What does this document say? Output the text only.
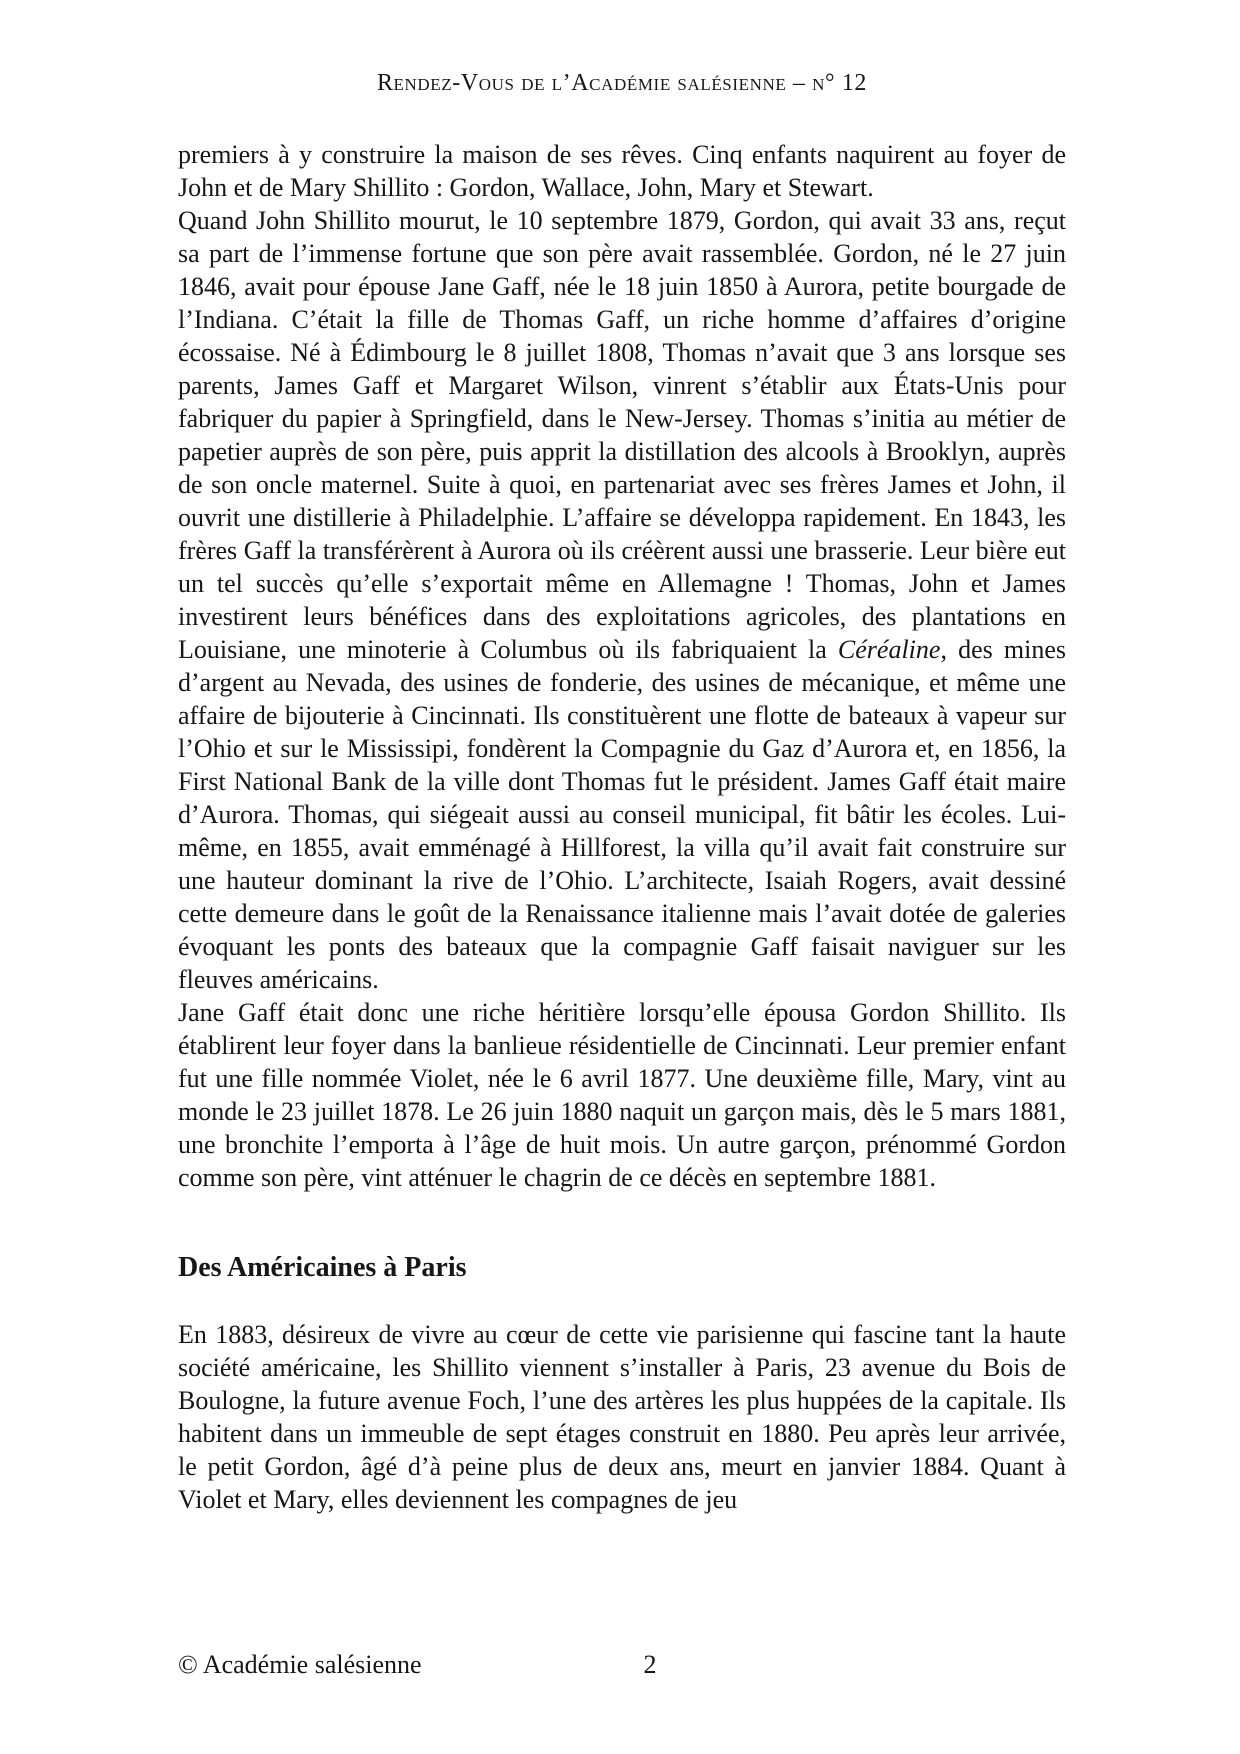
Rendez-Vous de l’Académie salésienne – n° 12

premiers à y construire la maison de ses rêves. Cinq enfants naquirent au foyer de John et de Mary Shillito : Gordon, Wallace, John, Mary et Stewart.

Quand John Shillito mourut, le 10 septembre 1879, Gordon, qui avait 33 ans, reçut sa part de l’immense fortune que son père avait rassemblée. Gordon, né le 27 juin 1846, avait pour épouse Jane Gaff, née le 18 juin 1850 à Aurora, petite bourgade de l’Indiana. C’était la fille de Thomas Gaff, un riche homme d’affaires d’origine écossaise. Né à Édimbourg le 8 juillet 1808, Thomas n’avait que 3 ans lorsque ses parents, James Gaff et Margaret Wilson, vinrent s’établir aux États-Unis pour fabriquer du papier à Springfield, dans le New-Jersey. Thomas s’initia au métier de papetier auprès de son père, puis apprit la distillation des alcools à Brooklyn, auprès de son oncle maternel. Suite à quoi, en partenariat avec ses frères James et John, il ouvrit une distillerie à Philadelphie. L’affaire se développa rapidement. En 1843, les frères Gaff la transférèrent à Aurora où ils créèrent aussi une brasserie. Leur bière eut un tel succès qu’elle s’exportait même en Allemagne ! Thomas, John et James investirent leurs bénéfices dans des exploitations agricoles, des plantations en Louisiane, une minoterie à Columbus où ils fabriquaient la Céréaline, des mines d’argent au Nevada, des usines de fonderie, des usines de mécanique, et même une affaire de bijouterie à Cincinnati. Ils constituèrent une flotte de bateaux à vapeur sur l’Ohio et sur le Mississipi, fondèrent la Compagnie du Gaz d’Aurora et, en 1856, la First National Bank de la ville dont Thomas fut le président. James Gaff était maire d’Aurora. Thomas, qui siégeait aussi au conseil municipal, fit bâtir les écoles. Lui-même, en 1855, avait emménagé à Hillforest, la villa qu’il avait fait construire sur une hauteur dominant la rive de l’Ohio. L’architecte, Isaiah Rogers, avait dessiné cette demeure dans le goût de la Renaissance italienne mais l’avait dotée de galeries évoquant les ponts des bateaux que la compagnie Gaff faisait naviguer sur les fleuves américains.

Jane Gaff était donc une riche héritière lorsqu’elle épousa Gordon Shillito. Ils établirent leur foyer dans la banlieue résidentielle de Cincinnati. Leur premier enfant fut une fille nommée Violet, née le 6 avril 1877. Une deuxième fille, Mary, vint au monde le 23 juillet 1878. Le 26 juin 1880 naquit un garçon mais, dès le 5 mars 1881, une bronchite l’emporta à l’âge de huit mois. Un autre garçon, prénommé Gordon comme son père, vint atténuer le chagrin de ce décès en septembre 1881.

Des Américaines à Paris

En 1883, désireux de vivre au cœur de cette vie parisienne qui fascine tant la haute société américaine, les Shillito viennent s’installer à Paris, 23 avenue du Bois de Boulogne, la future avenue Foch, l’une des artères les plus huppées de la capitale. Ils habitent dans un immeuble de sept étages construit en 1880. Peu après leur arrivée, le petit Gordon, âgé d’à peine plus de deux ans, meurt en janvier 1884. Quant à Violet et Mary, elles deviennent les compagnes de jeu

© Académie salésienne	2
